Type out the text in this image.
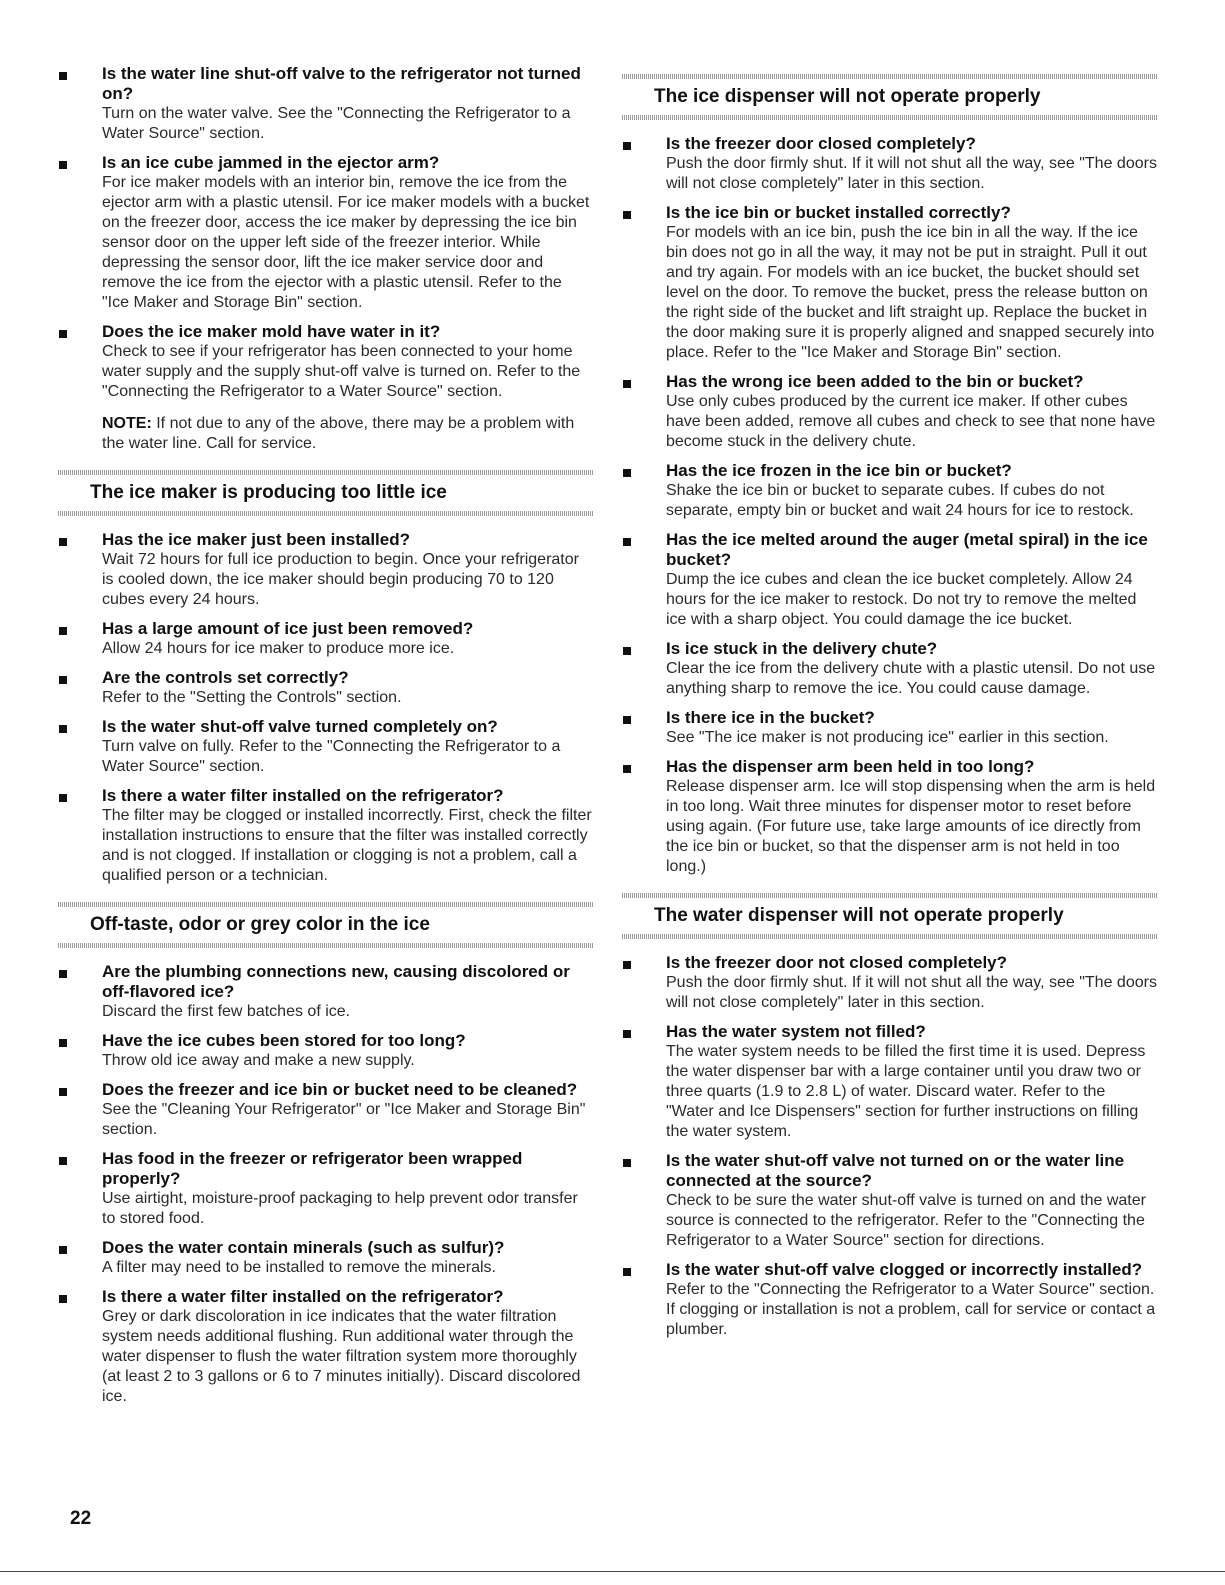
Is the water line shut-off valve to the refrigerator not turned on?
Turn on the water valve. See the "Connecting the Refrigerator to a Water Source" section.
Is an ice cube jammed in the ejector arm?
For ice maker models with an interior bin, remove the ice from the ejector arm with a plastic utensil. For ice maker models with a bucket on the freezer door, access the ice maker by depressing the ice bin sensor door on the upper left side of the freezer interior. While depressing the sensor door, lift the ice maker service door and remove the ice from the ejector with a plastic utensil. Refer to the "Ice Maker and Storage Bin" section.
Does the ice maker mold have water in it?
Check to see if your refrigerator has been connected to your home water supply and the supply shut-off valve is turned on. Refer to the "Connecting the Refrigerator to a Water Source" section.
NOTE: If not due to any of the above, there may be a problem with the water line. Call for service.
The ice maker is producing too little ice
Has the ice maker just been installed?
Wait 72 hours for full ice production to begin. Once your refrigerator is cooled down, the ice maker should begin producing 70 to 120 cubes every 24 hours.
Has a large amount of ice just been removed?
Allow 24 hours for ice maker to produce more ice.
Are the controls set correctly?
Refer to the "Setting the Controls" section.
Is the water shut-off valve turned completely on?
Turn valve on fully. Refer to the "Connecting the Refrigerator to a Water Source" section.
Is there a water filter installed on the refrigerator?
The filter may be clogged or installed incorrectly. First, check the filter installation instructions to ensure that the filter was installed correctly and is not clogged. If installation or clogging is not a problem, call a qualified person or a technician.
Off-taste, odor or grey color in the ice
Are the plumbing connections new, causing discolored or off-flavored ice?
Discard the first few batches of ice.
Have the ice cubes been stored for too long?
Throw old ice away and make a new supply.
Does the freezer and ice bin or bucket need to be cleaned?
See the "Cleaning Your Refrigerator" or "Ice Maker and Storage Bin" section.
Has food in the freezer or refrigerator been wrapped properly?
Use airtight, moisture-proof packaging to help prevent odor transfer to stored food.
Does the water contain minerals (such as sulfur)?
A filter may need to be installed to remove the minerals.
Is there a water filter installed on the refrigerator?
Grey or dark discoloration in ice indicates that the water filtration system needs additional flushing. Run additional water through the water dispenser to flush the water filtration system more thoroughly (at least 2 to 3 gallons or 6 to 7 minutes initially). Discard discolored ice.
The ice dispenser will not operate properly
Is the freezer door closed completely?
Push the door firmly shut. If it will not shut all the way, see "The doors will not close completely" later in this section.
Is the ice bin or bucket installed correctly?
For models with an ice bin, push the ice bin in all the way. If the ice bin does not go in all the way, it may not be put in straight. Pull it out and try again. For models with an ice bucket, the bucket should set level on the door. To remove the bucket, press the release button on the right side of the bucket and lift straight up. Replace the bucket in the door making sure it is properly aligned and snapped securely into place. Refer to the "Ice Maker and Storage Bin" section.
Has the wrong ice been added to the bin or bucket?
Use only cubes produced by the current ice maker. If other cubes have been added, remove all cubes and check to see that none have become stuck in the delivery chute.
Has the ice frozen in the ice bin or bucket?
Shake the ice bin or bucket to separate cubes. If cubes do not separate, empty bin or bucket and wait 24 hours for ice to restock.
Has the ice melted around the auger (metal spiral) in the ice bucket?
Dump the ice cubes and clean the ice bucket completely. Allow 24 hours for the ice maker to restock. Do not try to remove the melted ice with a sharp object. You could damage the ice bucket.
Is ice stuck in the delivery chute?
Clear the ice from the delivery chute with a plastic utensil. Do not use anything sharp to remove the ice. You could cause damage.
Is there ice in the bucket?
See "The ice maker is not producing ice" earlier in this section.
Has the dispenser arm been held in too long?
Release dispenser arm. Ice will stop dispensing when the arm is held in too long. Wait three minutes for dispenser motor to reset before using again. (For future use, take large amounts of ice directly from the ice bin or bucket, so that the dispenser arm is not held in too long.)
The water dispenser will not operate properly
Is the freezer door not closed completely?
Push the door firmly shut. If it will not shut all the way, see "The doors will not close completely" later in this section.
Has the water system not filled?
The water system needs to be filled the first time it is used. Depress the water dispenser bar with a large container until you draw two or three quarts (1.9 to 2.8 L) of water. Discard water. Refer to the "Water and Ice Dispensers" section for further instructions on filling the water system.
Is the water shut-off valve not turned on or the water line connected at the source?
Check to be sure the water shut-off valve is turned on and the water source is connected to the refrigerator. Refer to the "Connecting the Refrigerator to a Water Source" section for directions.
Is the water shut-off valve clogged or incorrectly installed?
Refer to the "Connecting the Refrigerator to a Water Source" section. If clogging or installation is not a problem, call for service or contact a plumber.
22
